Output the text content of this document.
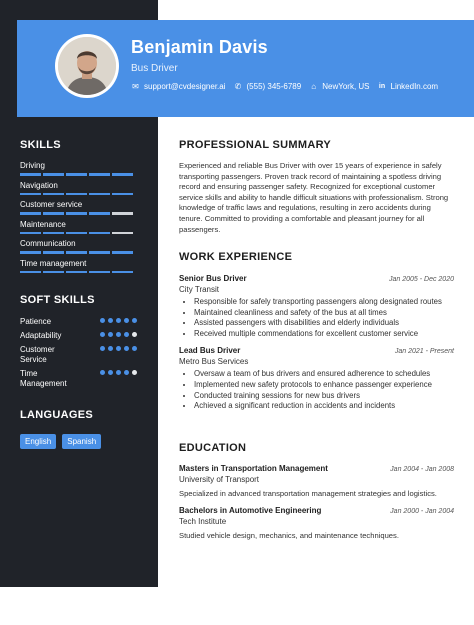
Benjamin Davis
Bus Driver
✉ support@cvdesigner.ai ✆ (555) 345-6789 ⌂ NewYork, US in LinkedIn.com
SKILLS
Driving
Navigation
Customer service
Maintenance
Communication
Time management
SOFT SKILLS
Patience
Adaptability
Customer Service
Time Management
LANGUAGES
English	Spanish
PROFESSIONAL SUMMARY
Experienced and reliable Bus Driver with over 15 years of experience in safely transporting passengers. Proven track record of maintaining a spotless driving record and ensuring passenger safety. Recognized for exceptional customer service skills and ability to handle difficult situations with professionalism. Strong knowledge of traffic laws and regulations, resulting in zero accidents during tenure. Committed to providing a comfortable and pleasant journey for all passengers.
WORK EXPERIENCE
Senior Bus Driver	Jan 2005 - Dec 2020
City Transit
• Responsible for safely transporting passengers along designated routes
• Maintained cleanliness and safety of the bus at all times
• Assisted passengers with disabilities and elderly individuals
• Received multiple commendations for excellent customer service
Lead Bus Driver	Jan 2021 - Present
Metro Bus Services
• Oversaw a team of bus drivers and ensured adherence to schedules
• Implemented new safety protocols to enhance passenger experience
• Conducted training sessions for new bus drivers
• Achieved a significant reduction in accidents and incidents
EDUCATION
Masters in Transportation Management	Jan 2004 - Jan 2008
University of Transport
Specialized in advanced transportation management strategies and logistics.
Bachelors in Automotive Engineering	Jan 2000 - Jan 2004
Tech Institute
Studied vehicle design, mechanics, and maintenance techniques.
